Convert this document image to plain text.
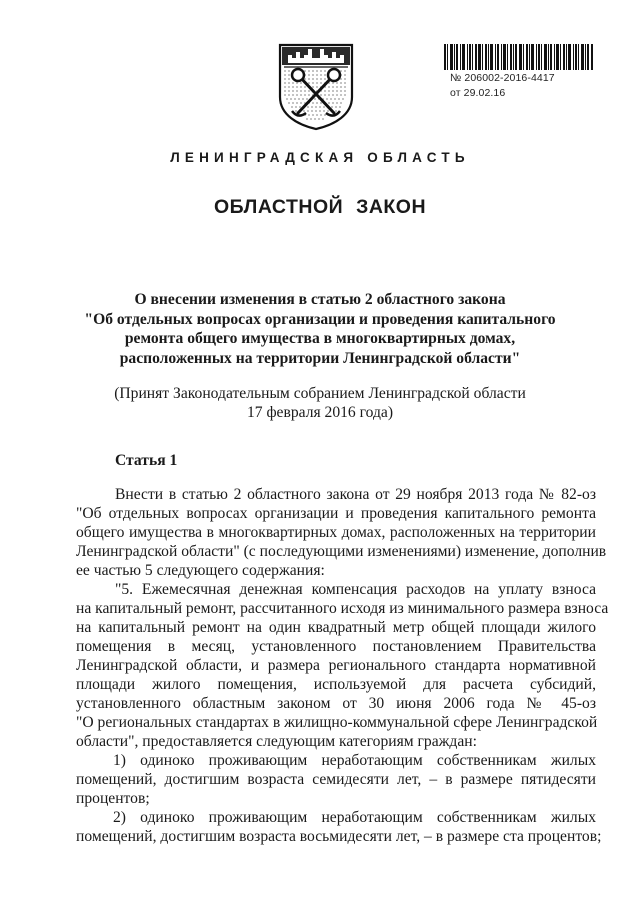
№ 206002-2016-4417
от 29.02.16
ЛЕНИНГРАДСКАЯ ОБЛАСТЬ
ОБЛАСТНОЙ ЗАКОН
О внесении изменения в статью 2 областного закона
"Об отдельных вопросах организации и проведения капитального
ремонта общего имущества в многоквартирных домах,
расположенных на территории Ленинградской области"
(Принят Законодательным собранием Ленинградской области
17 февраля 2016 года)
Статья 1
Внести в статью 2 областного закона от 29 ноября 2013 года № 82-оз
"Об отдельных вопросах организации и проведения капитального ремонта
общего имущества в многоквартирных домах, расположенных на территории
Ленинградской области" (с последующими изменениями) изменение, дополнив
ее частью 5 следующего содержания:
"5. Ежемесячная денежная компенсация расходов на уплату взноса
на капитальный ремонт, рассчитанного исходя из минимального размера взноса
на капитальный ремонт на один квадратный метр общей площади жилого
помещения в месяц, установленного постановлением Правительства
Ленинградской области, и размера регионального стандарта нормативной
площади жилого помещения, используемой для расчета субсидий,
установленного областным законом от 30 июня 2006 года № 45-оз
"О региональных стандартах в жилищно-коммунальной сфере Ленинградской
области", предоставляется следующим категориям граждан:
1) одиноко проживающим неработающим собственникам жилых
помещений, достигшим возраста семидесяти лет, – в размере пятидесяти
процентов;
2) одиноко проживающим неработающим собственникам жилых
помещений, достигшим возраста восьмидесяти лет, – в размере ста процентов;
